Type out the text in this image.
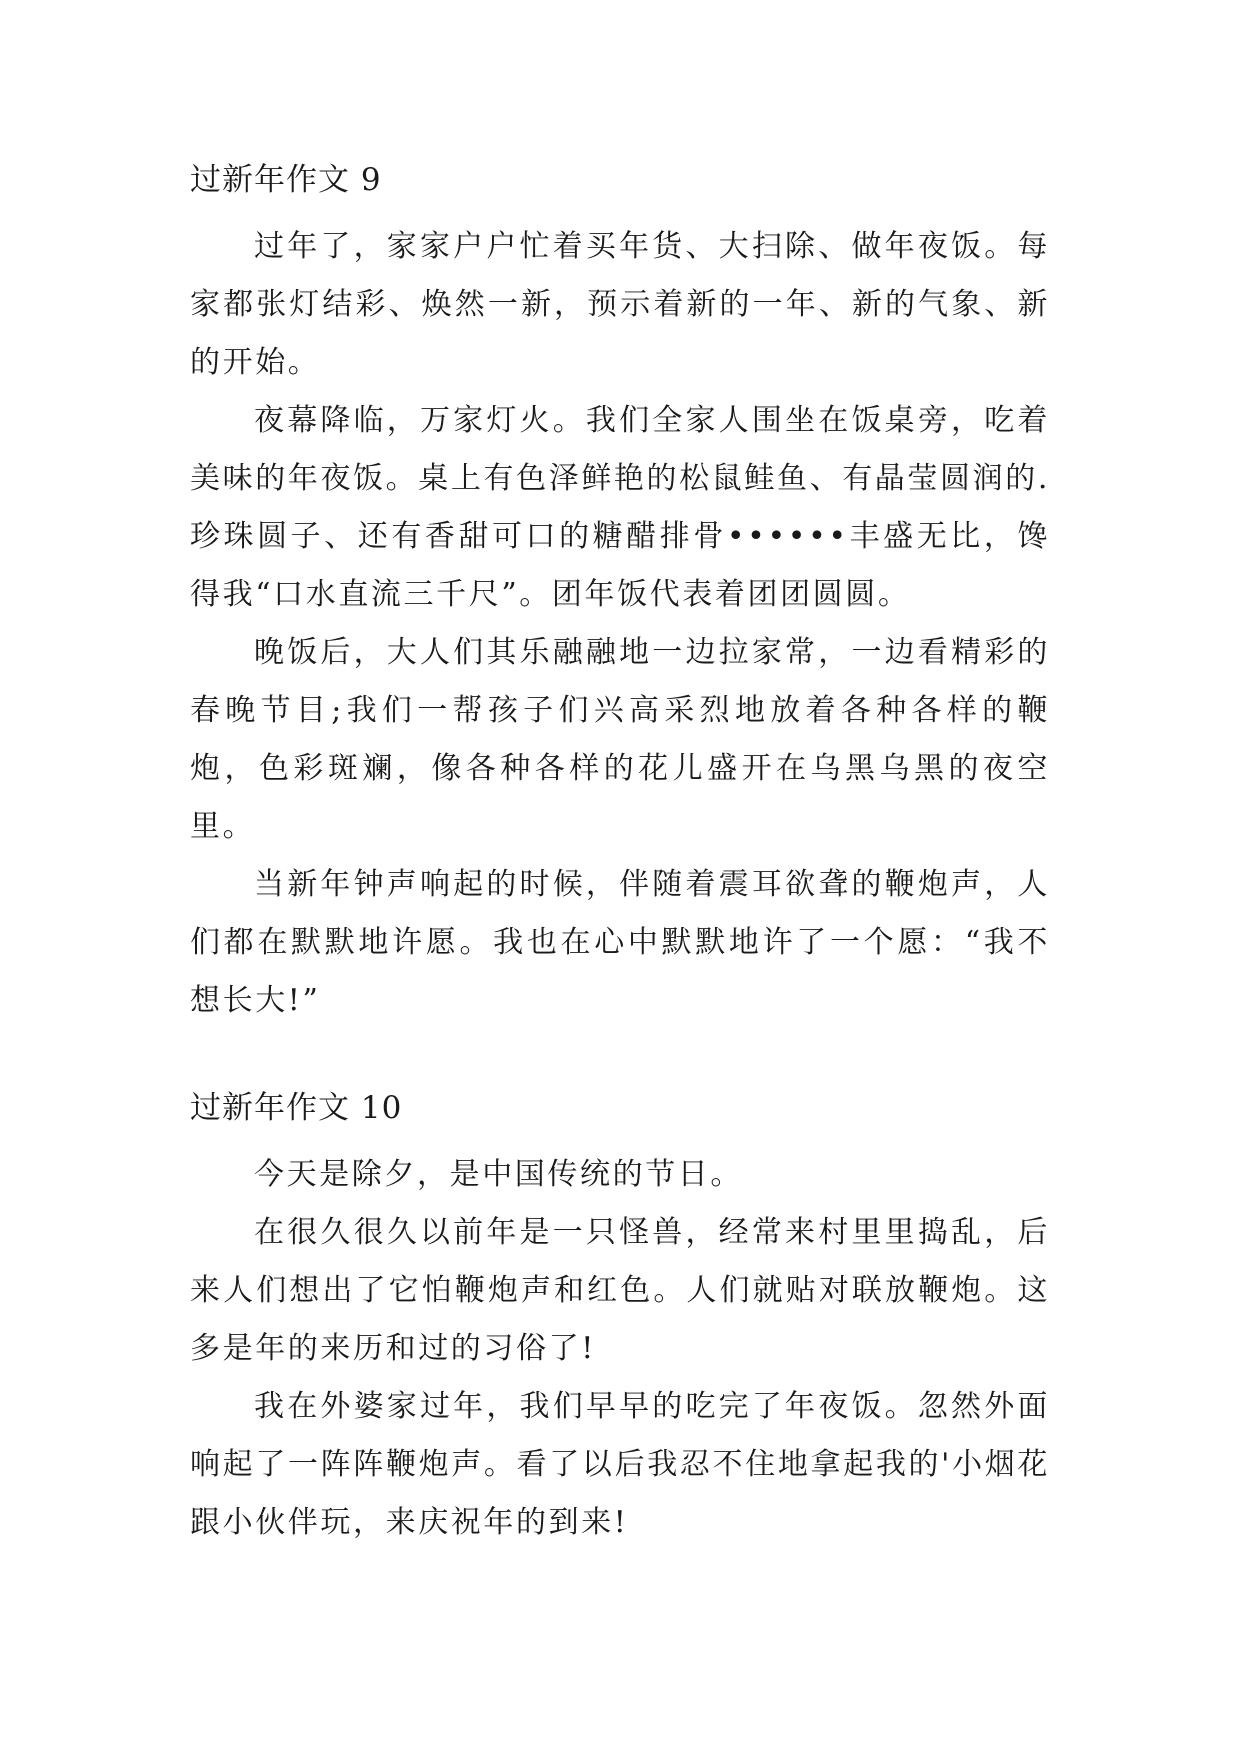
过新年作文 9

过年了，家家户户忙着买年货、大扫除、做年夜饭。每家都张灯结彩、焕然一新，预示着新的一年、新的气象、新的开始。

夜幕降临，万家灯火。我们全家人围坐在饭桌旁，吃着美味的年夜饭。桌上有色泽鲜艳的松鼠鲑鱼、有晶莹圆润的.珍珠圆子、还有香甜可口的糖醋排骨••••••丰盛无比，馋得我“口水直流三千尺”。团年饭代表着团团圆圆。

晚饭后，大人们其乐融融地一边拉家常，一边看精彩的春晚节目;我们一帮孩子们兴高采烈地放着各种各样的鞭炮，色彩斑斓，像各种各样的花儿盛开在乌黑乌黑的夜空里。

当新年钟声响起的时候，伴随着震耳欲聋的鞭炮声，人们都在默默地许愿。我也在心中默默地许了一个愿：“我不想长大!”

过新年作文 10

今天是除夕，是中国传统的节日。

在很久很久以前年是一只怪兽，经常来村里里捣乱，后来人们想出了它怕鞭炮声和红色。人们就贴对联放鞭炮。这多是年的来历和过的习俗了!

我在外婆家过年，我们早早的吃完了年夜饭。忽然外面响起了一阵阵鞭炮声。看了以后我忍不住地拿起我的'小烟花跟小伙伴玩，来庆祝年的到来!
